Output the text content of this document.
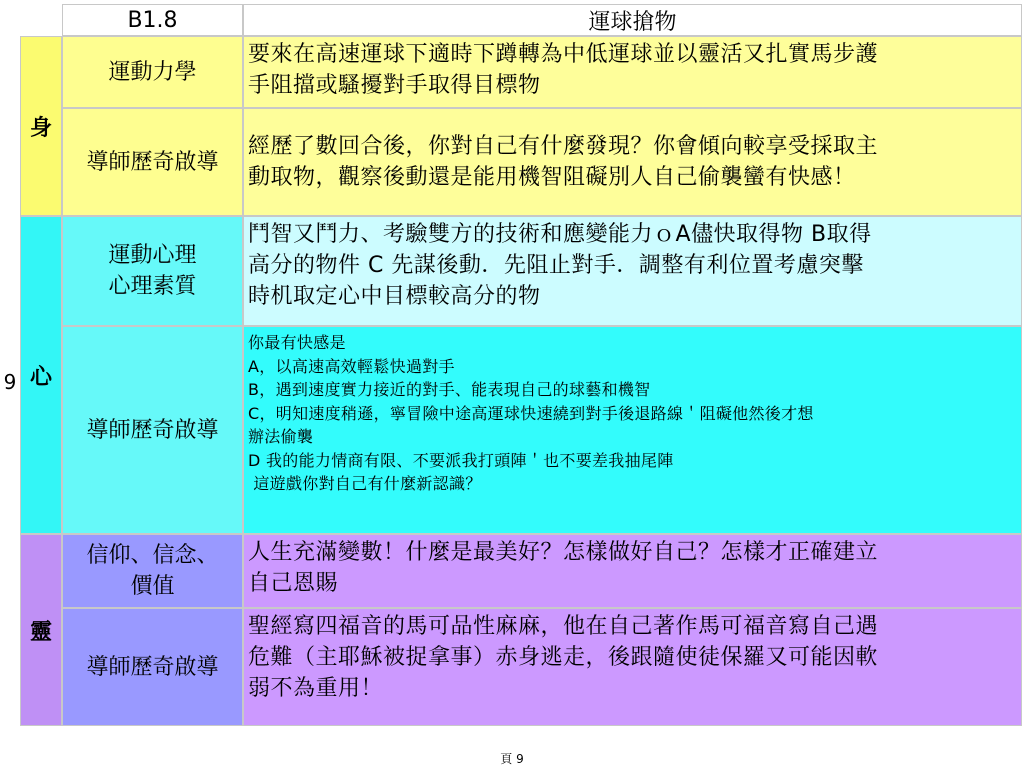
9
B1.8	運球搶物
身
運動力學
要來在高速運球下適時下蹲轉為中低運球並以靈活又扎實馬步護
手阻擋或騷擾對手取得目標物
導師歷奇啟導
經歷了數回合後，你對自己有什麼發現？你會傾向較享受採取主
動取物，觀察後動還是能用機智阻礙別人自己偷襲蠻有快感！
心
運動心理
心理素質
鬥智又鬥力、考驗雙方的技術和應變能力ｏA儘快取得物 B取得
高分的物件 C 先謀後動．先阻止對手．調整有利位置考慮突擊
時机取定心中目標較高分的物
導師歷奇啟導
你最有快感是
A，以高速高效輕鬆快過對手
B，遇到速度實力接近的對手、能表現自己的球藝和機智
C，明知速度稍遜，寧冒險中途高運球快速繞到對手後退路線＇阻礙他然後才想
辦法偷襲
D 我的能力情商有限、不要派我打頭陣＇也不要差我抽尾陣
這遊戲你對自己有什麼新認識？
靈
信仰、信念、
價值
人生充滿變數！什麼是最美好？怎樣做好自己？怎樣才正確建立
自己恩賜
導師歷奇啟導
聖經寫四福音的馬可品性麻麻，他在自己著作馬可福音寫自己遇
危難（主耶穌被捉拿事）赤身逃走，後跟隨使徒保羅又可能因軟
弱不為重用！
頁 9
